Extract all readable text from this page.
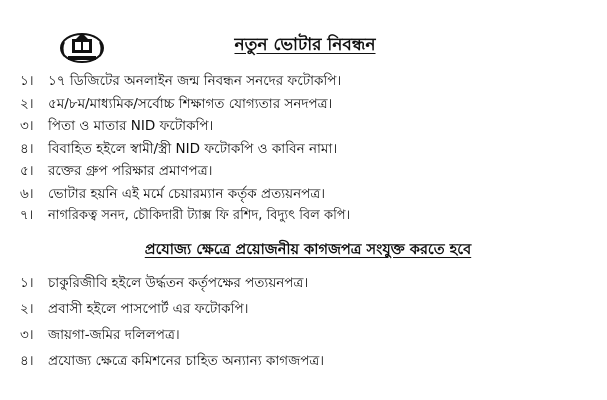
নতুন ভোটার নিবন্ধন
১। ১৭ ডিজিটের অনলাইন জন্ম নিবন্ধন সনদের ফটোকপি।
২। ৫ম/৮ম/মাধ্যমিক/সর্বোচ্চ শিক্ষাগত যোগ্যতার সনদপত্র।
৩। পিতা ও মাতার NID ফটোকপি।
৪। বিবাহিত হইলে স্বামী/স্ত্রী NID ফটোকপি ও কাবিন নামা।
৫। রক্তের গ্রুপ পরিক্ষার প্রমাণপত্র।
৬। ভোটার হয়নি এই মর্মে চেয়ারম্যান কর্তৃক প্রত্যয়নপত্র।
৭। নাগরিকত্ব সনদ, চৌকিদারী ট্যাক্স ফি রশিদ, বিদ্যুৎ বিল কপি।
প্রযোজ্য ক্ষেত্রে প্রয়োজনীয় কাগজপত্র সংযুক্ত করতে হবে
১। চাকুরিজীবি হইলে উর্দ্ধতন কর্তৃপক্ষের পত্যয়নপত্র।
২। প্রবাসী হইলে পাসপোর্ট এর ফটোকপি।
৩। জায়গা-জমির দলিলপত্র।
৪। প্রযোজ্য ক্ষেত্রে কমিশনের চাহিত অন্যান্য কাগজপত্র।
